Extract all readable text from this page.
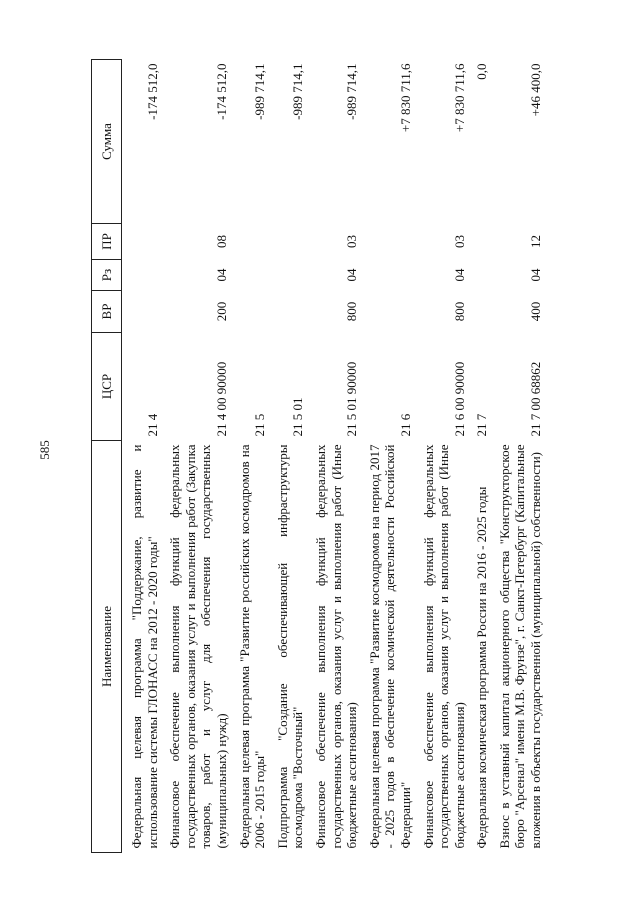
585
Наименование	ЦСР	ВР	Рз	ПР	Сумма
Федеральная целевая программа "Поддержание, развитие и использование системы ГЛОНАСС на 2012 - 2020 годы"	21 4				-174 512,0
Финансовое обеспечение выполнения функций федеральных государственных органов, оказания услуг и выполнения работ (Закупка товаров, работ и услуг для обеспечения государственных (муниципальных) нужд)	21 4 00 90000	200	04	08	-174 512,0
Федеральная целевая программа "Развитие российских космодромов на 2006 - 2015 годы"	21 5				-989 714,1
Подпрограмма "Создание обеспечивающей инфраструктуры космодрома "Восточный"	21 5 01				-989 714,1
Финансовое обеспечение выполнения функций федеральных государственных органов, оказания услуг и выполнения работ (Иные бюджетные ассигнования)	21 5 01 90000	800	04	03	-989 714,1
Федеральная целевая программа "Развитие космодромов на период 2017 - 2025 годов в обеспечение космической деятельности Российской Федерации"	21 6				+7 830 711,6
Финансовое обеспечение выполнения функций федеральных государственных органов, оказания услуг и выполнения работ (Иные бюджетные ассигнования)	21 6 00 90000	800	04	03	+7 830 711,6
Федеральная космическая программа России на 2016 - 2025 годы	21 7				0,0
Взнос в уставный капитал акционерного общества "Конструкторское бюро "Арсенал" имени М.В. Фрунзе", г. Санкт-Петербург (Капитальные вложения в объекты государственной (муниципальной) собственности)	21 7 00 68862	400	04	12	+46 400,0
